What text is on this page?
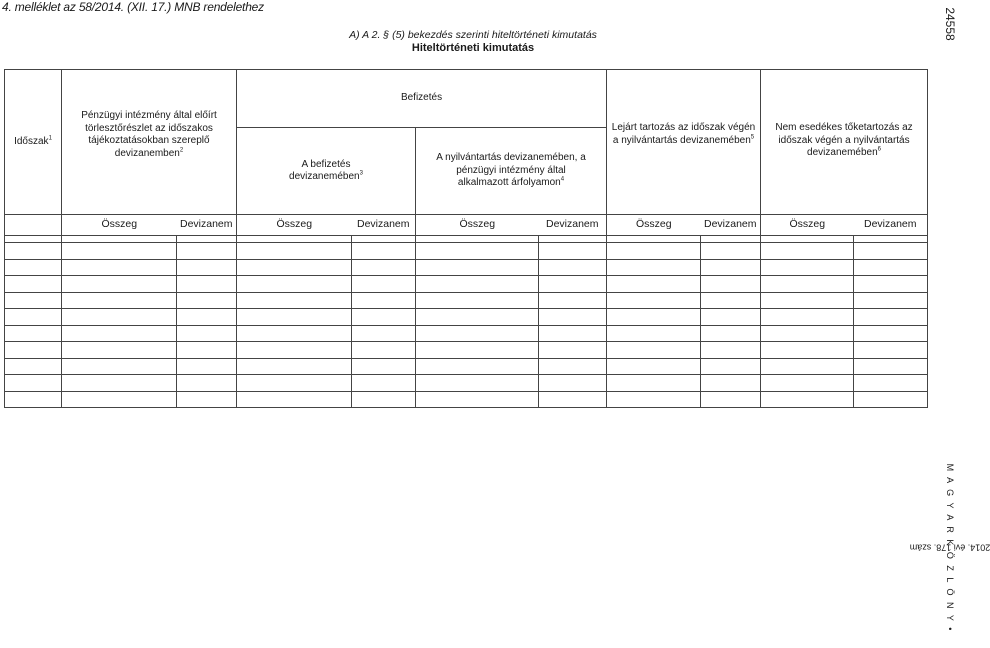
4. melléklet az 58/2014. (XII. 17.) MNB rendelethez
24558
A) A 2. § (5) bekezdés szerinti hiteltörténeti kimutatás
Hiteltörténeti kimutatás
M A G Y A R K Ö Z L Ö N Y •
2014. évi 178. szám
Időszak$^1$	Pénzügyi intézmény által előírt törlesztőrészlet az időszakos tájékoztatásokban szereplő devizanemben$^2$		Befizetés				Lejárt tartozás az időszak végén a nyilvántartás devizanemében$^5$		Nem esedékes tőketartozás az időszak végén a nyilvántartás devizanemében$^6$
			A befizetés devizanemében$^3$		A nyilvántartás devizanemében, a pénzügyi intézmény által alkalmazott árfolyamon$^4$
	Összeg	Devizanem	Összeg	Devizanem	Összeg	Devizanem	Összeg	Devizanem	Összeg	Devizanem
